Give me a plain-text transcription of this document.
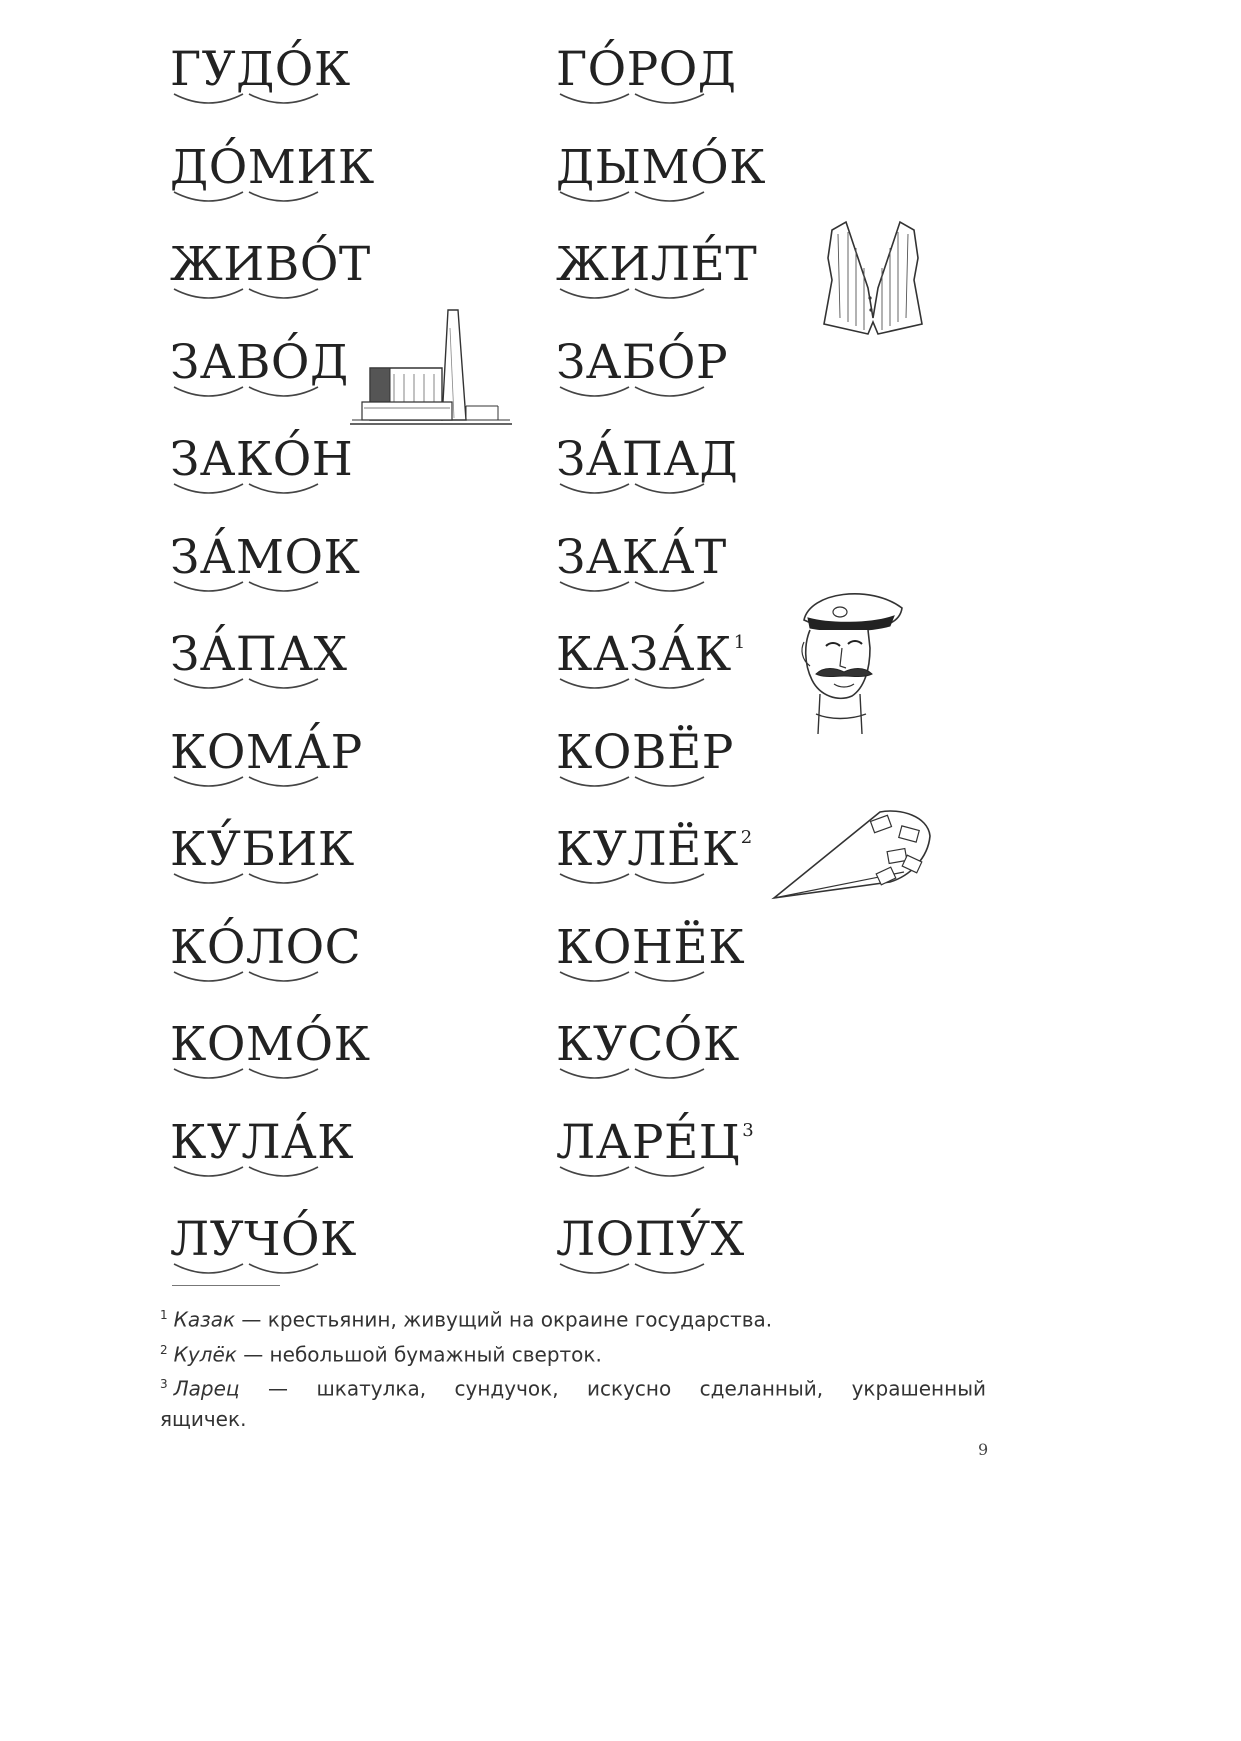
ГУДО́К
ДО́МИК
ЖИВО́Т
ЗАВО́Д
ЗАКО́Н
ЗА́МОК
ЗА́ПАХ
КОМА́Р
КУ́БИК
КО́ЛОС
КОМО́К
КУЛА́К
ЛУЧО́К
ГО́РОД
ДЫМО́К
ЖИЛЕ́Т
ЗАБО́Р
ЗА́ПАД
ЗАКА́Т
КАЗА́К $^1$
КОВЁР
КУЛЁК $^2$
КОНЁК
КУСО́К
ЛАРЕ́Ц $^3$
ЛОПУ́Х
$^1$ Казак — крестьянин, живущий на окраине государства.
$^2$ Кулёк — небольшой бумажный сверток.
$^3$ Ларец — шкатулка, сундучок, искусно сделанный, украшенный
ящичек.
9
